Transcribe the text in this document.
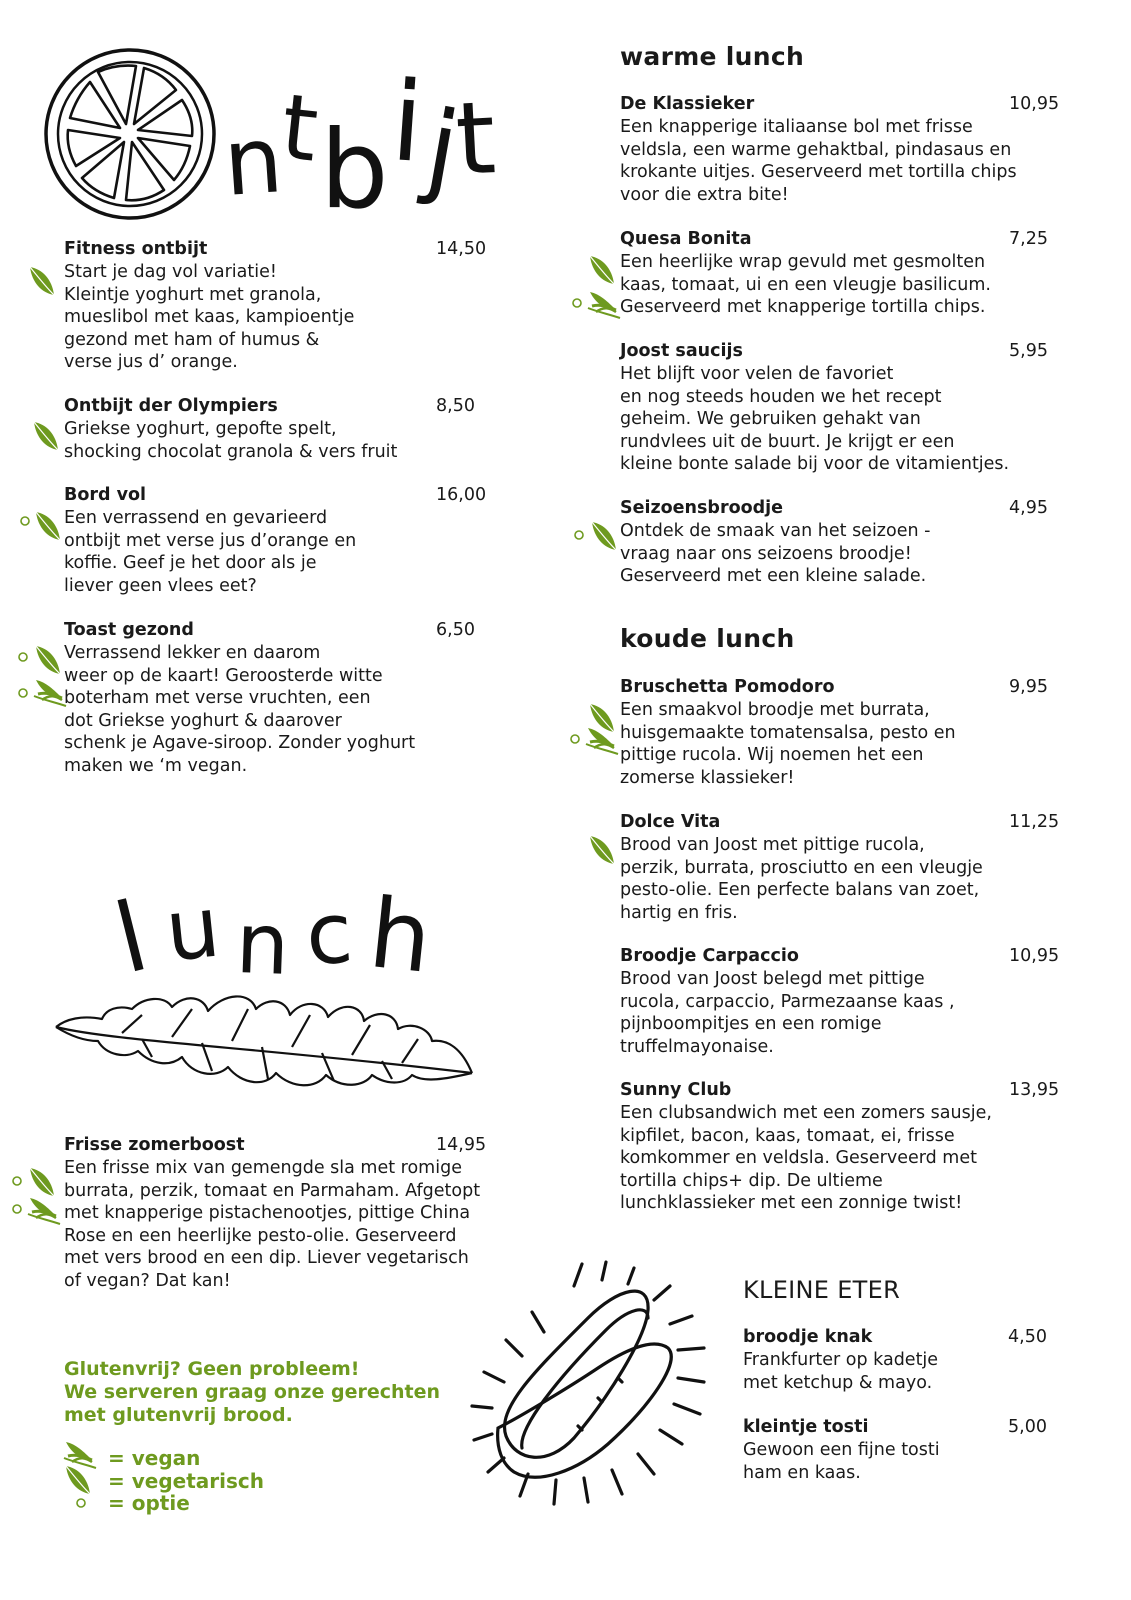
n
t
b i
j
t
Fitness ontbijt	14,50
Start je dag vol variatie!
Kleintje yoghurt met granola,
mueslibol met kaas, kampioentje
gezond met ham of humus &
verse jus d’ orange.
Ontbijt der Olympiers	8,50
Griekse yoghurt, gepofte spelt,
shocking chocolat granola & vers fruit
Bord vol	16,00
Een verrassend en gevarieerd
ontbijt met verse jus d’orange en
koffie. Geef je het door als je
liever geen vlees eet?
Toast gezond	6,50
Verrassend lekker en daarom
weer op de kaart! Geroosterde witte
boterham met verse vruchten, een
dot Griekse yoghurt & daarover
schenk je Agave-siroop. Zonder yoghurt
maken we ‘m vegan.
l u n c h
Frisse zomerboost	14,95
Een frisse mix van gemengde sla met romige
burrata, perzik, tomaat en Parmaham. Afgetopt
met knapperige pistachenootjes, pittige China
Rose en een heerlijke pesto-olie. Geserveerd
met vers brood en een dip. Liever vegetarisch
of vegan? Dat kan!
Glutenvrij? Geen probleem!
We serveren graag onze gerechten
met glutenvrij brood.
= vegan
= vegetarisch
= optie
warme lunch
De Klassieker	10,95
Een knapperige italiaanse bol met frisse
veldsla, een warme gehaktbal, pindasaus en
krokante uitjes. Geserveerd met tortilla chips
voor die extra bite!
Quesa Bonita	7,25
Een heerlijke wrap gevuld met gesmolten
kaas, tomaat, ui en een vleugje basilicum.
Geserveerd met knapperige tortilla chips.
Joost saucijs	5,95
Het blijft voor velen de favoriet
en nog steeds houden we het recept
geheim. We gebruiken gehakt van
rundvlees uit de buurt. Je krijgt er een
kleine bonte salade bij voor de vitamientjes.
Seizoensbroodje	4,95
Ontdek de smaak van het seizoen -
vraag naar ons seizoens broodje!
Geserveerd met een kleine salade.
koude lunch
Bruschetta Pomodoro	9,95
Een smaakvol broodje met burrata,
huisgemaakte tomatensalsa, pesto en
pittige rucola. Wij noemen het een
zomerse klassieker!
Dolce Vita	11,25
Brood van Joost met pittige rucola,
perzik, burrata, prosciutto en een vleugje
pesto-olie. Een perfecte balans van zoet,
hartig en fris.
Broodje Carpaccio	10,95
Brood van Joost belegd met pittige
rucola, carpaccio, Parmezaanse kaas ,
pijnboompitjes en een romige
truffelmayonaise.
Sunny Club	13,95
Een clubsandwich met een zomers sausje,
kipfilet, bacon, kaas, tomaat, ei, frisse
komkommer en veldsla. Geserveerd met
tortilla chips+ dip. De ultieme
lunchklassieker met een zonnige twist!
KLEINE ETER
broodje knak	4,50
Frankfurter op kadetje
met ketchup & mayo.
kleintje tosti	5,00
Gewoon een fijne tosti
ham en kaas.
